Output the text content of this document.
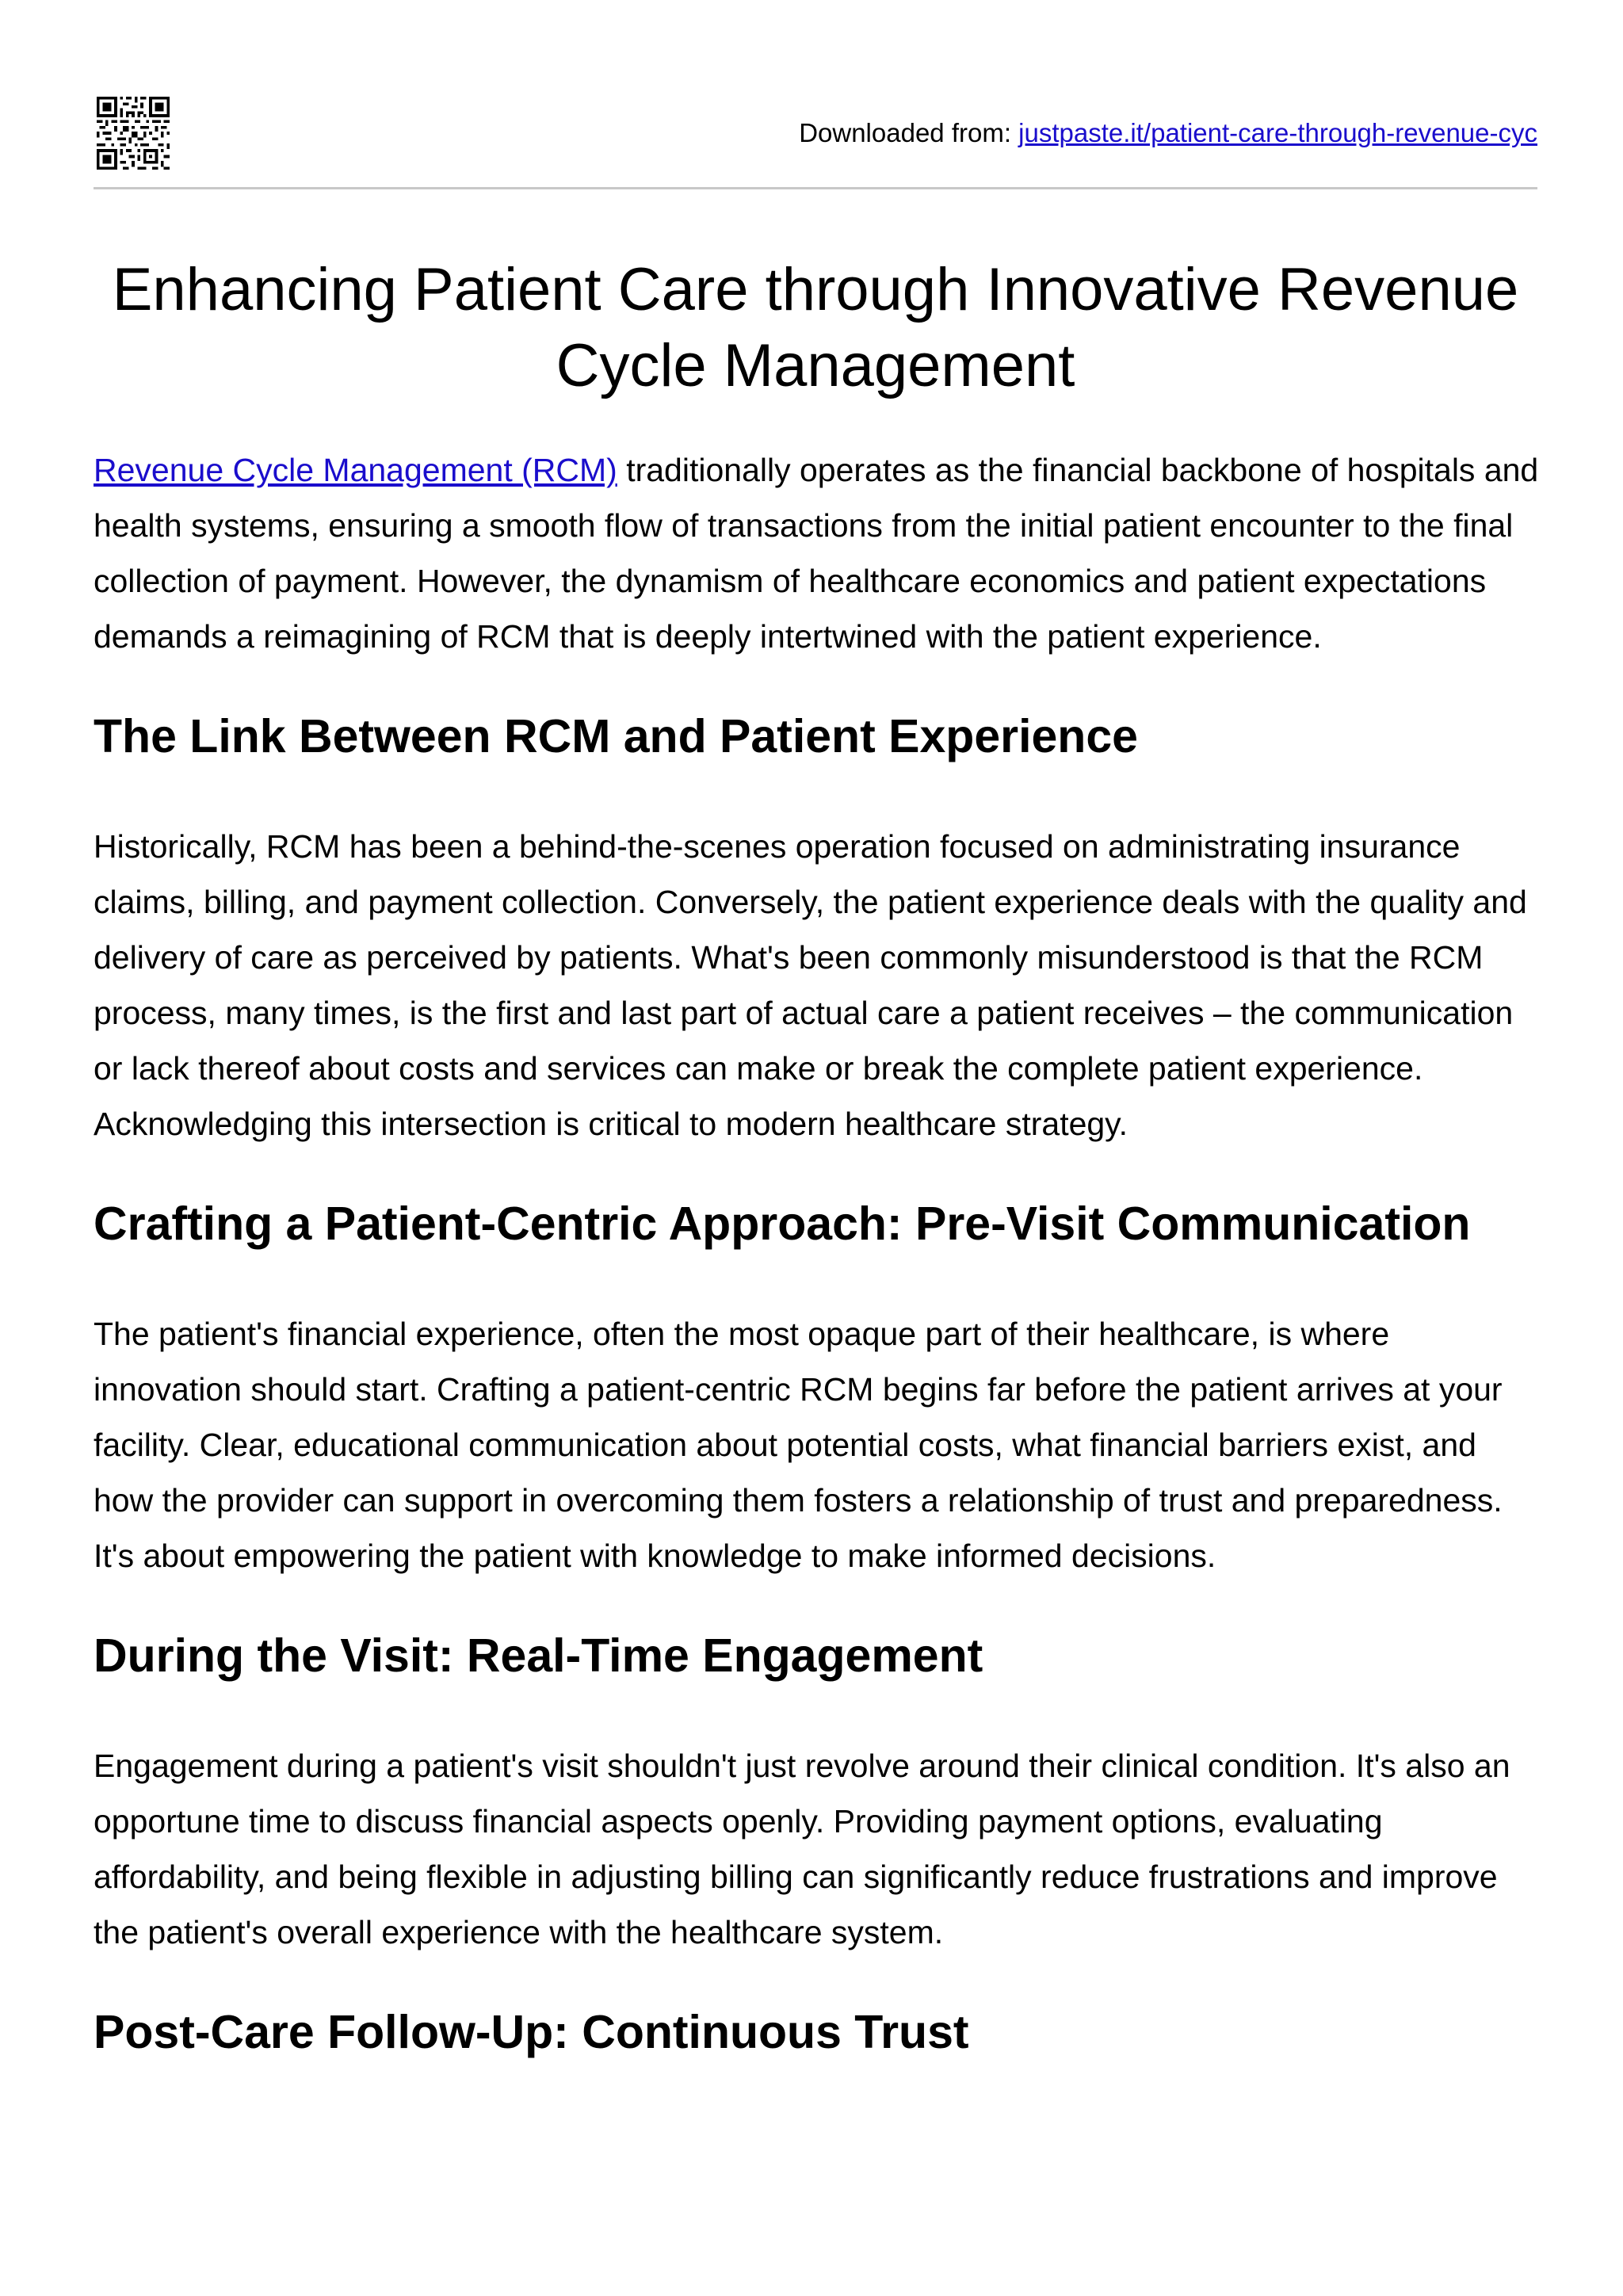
Downloaded from: justpaste.it/patient-care-through-revenue-cyc
Enhancing Patient Care through Innovative Revenue Cycle Management

Revenue Cycle Management (RCM) traditionally operates as the financial backbone of hospitals and health systems, ensuring a smooth flow of transactions from the initial patient encounter to the final collection of payment. However, the dynamism of healthcare economics and patient expectations demands a reimagining of RCM that is deeply intertwined with the patient experience.

The Link Between RCM and Patient Experience

Historically, RCM has been a behind-the-scenes operation focused on administrating insurance claims, billing, and payment collection. Conversely, the patient experience deals with the quality and delivery of care as perceived by patients. What's been commonly misunderstood is that the RCM process, many times, is the first and last part of actual care a patient receives – the communication or lack thereof about costs and services can make or break the complete patient experience. Acknowledging this intersection is critical to modern healthcare strategy.

Crafting a Patient-Centric Approach: Pre-Visit Communication

The patient's financial experience, often the most opaque part of their healthcare, is where innovation should start. Crafting a patient-centric RCM begins far before the patient arrives at your facility. Clear, educational communication about potential costs, what financial barriers exist, and how the provider can support in overcoming them fosters a relationship of trust and preparedness. It's about empowering the patient with knowledge to make informed decisions.

During the Visit: Real-Time Engagement

Engagement during a patient's visit shouldn't just revolve around their clinical condition. It's also an opportune time to discuss financial aspects openly. Providing payment options, evaluating affordability, and being flexible in adjusting billing can significantly reduce frustrations and improve the patient's overall experience with the healthcare system.

Post-Care Follow-Up: Continuous Trust
